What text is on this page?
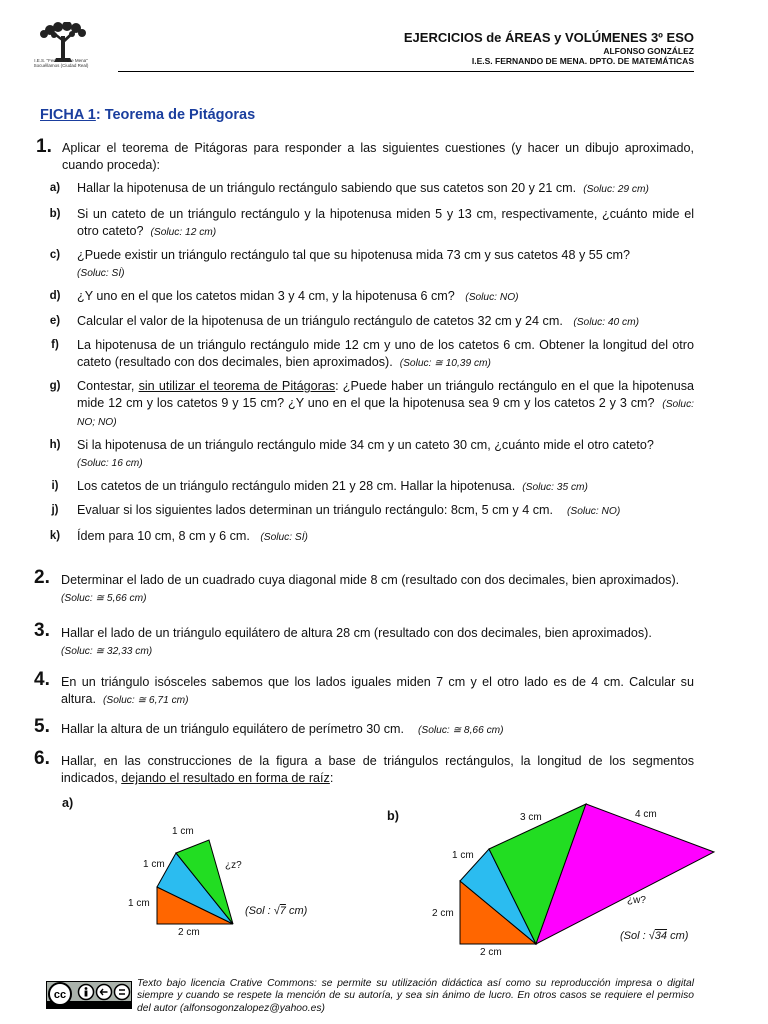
I.E.S. "Fernando de Mena"
Socuéllamos (Ciudad Real)
EJERCICIOS de ÁREAS y VOLÚMENES 3º ESO
ALFONSO GONZÁLEZ
I.E.S. FERNANDO DE MENA. DPTO. DE MATEMÁTICAS
FICHA 1: Teorema de Pitágoras
1. Aplicar el teorema de Pitágoras para responder a las siguientes cuestiones (y hacer un dibujo aproximado, cuando proceda):
a)	Hallar la hipotenusa de un triángulo rectángulo sabiendo que sus catetos son 20 y 21 cm. (Soluc: 29 cm)
b)	Si un cateto de un triángulo rectángulo y la hipotenusa miden 5 y 13 cm, respectivamente, ¿cuánto mide el otro cateto? (Soluc: 12 cm)
c)	¿Puede existir un triángulo rectángulo tal que su hipotenusa mida 73 cm y sus catetos 48 y 55 cm?
(Soluc: SÍ)
d)	¿Y uno en el que los catetos midan 3 y 4 cm, y la hipotenusa 6 cm? (Soluc: NO)
e)	Calcular el valor de la hipotenusa de un triángulo rectángulo de catetos 32 cm y 24 cm. (Soluc: 40 cm)
f)	La hipotenusa de un triángulo rectángulo mide 12 cm y uno de los catetos 6 cm. Obtener la longitud del otro cateto (resultado con dos decimales, bien aproximados). (Soluc: ≅ 10,39 cm)
g)	Contestar, sin utilizar el teorema de Pitágoras: ¿Puede haber un triángulo rectángulo en el que la hipotenusa mide 12 cm y los catetos 9 y 15 cm? ¿Y uno en el que la hipotenusa sea 9 cm y los catetos 2 y 3 cm? (Soluc: NO; NO)
h)	Si la hipotenusa de un triángulo rectángulo mide 34 cm y un cateto 30 cm, ¿cuánto mide el otro cateto?
(Soluc: 16 cm)
i)	Los catetos de un triángulo rectángulo miden 21 y 28 cm. Hallar la hipotenusa. (Soluc: 35 cm)
j)	Evaluar si los siguientes lados determinan un triángulo rectángulo: 8cm, 5 cm y 4 cm. (Soluc: NO)
k)	Ídem para 10 cm, 8 cm y 6 cm. (Soluc: SÍ)
2. Determinar el lado de un cuadrado cuya diagonal mide 8 cm (resultado con dos decimales, bien aproximados).
(Soluc: ≅ 5,66 cm)
3. Hallar el lado de un triángulo equilátero de altura 28 cm (resultado con dos decimales, bien aproximados).
(Soluc: ≅ 32,33 cm)
4. En un triángulo isósceles sabemos que los lados iguales miden 7 cm y el otro lado es de 4 cm. Calcular su altura. (Soluc: ≅ 6,71 cm)
5. Hallar la altura de un triángulo equilátero de perímetro 30 cm. (Soluc: ≅ 8,66 cm)
6. Hallar, en las construcciones de la figura a base de triángulos rectángulos, la longitud de los segmentos indicados, dejando el resultado en forma de raíz:
a)
1 cm
1 cm
1 cm
2 cm
¿z?
(Sol : √7 cm)
b)	3 cm	4 cm
1 cm
2 cm
2 cm
¿w?
(Sol : √34 cm)
cc
Texto bajo licencia Crative Commons: se permite su utilización didáctica así como su reproducción impresa o digital siempre y cuando se respete la mención de su autoría, y sea sin ánimo de lucro. En otros casos se requiere el permiso del autor (alfonsogonzalopez@yahoo.es)
